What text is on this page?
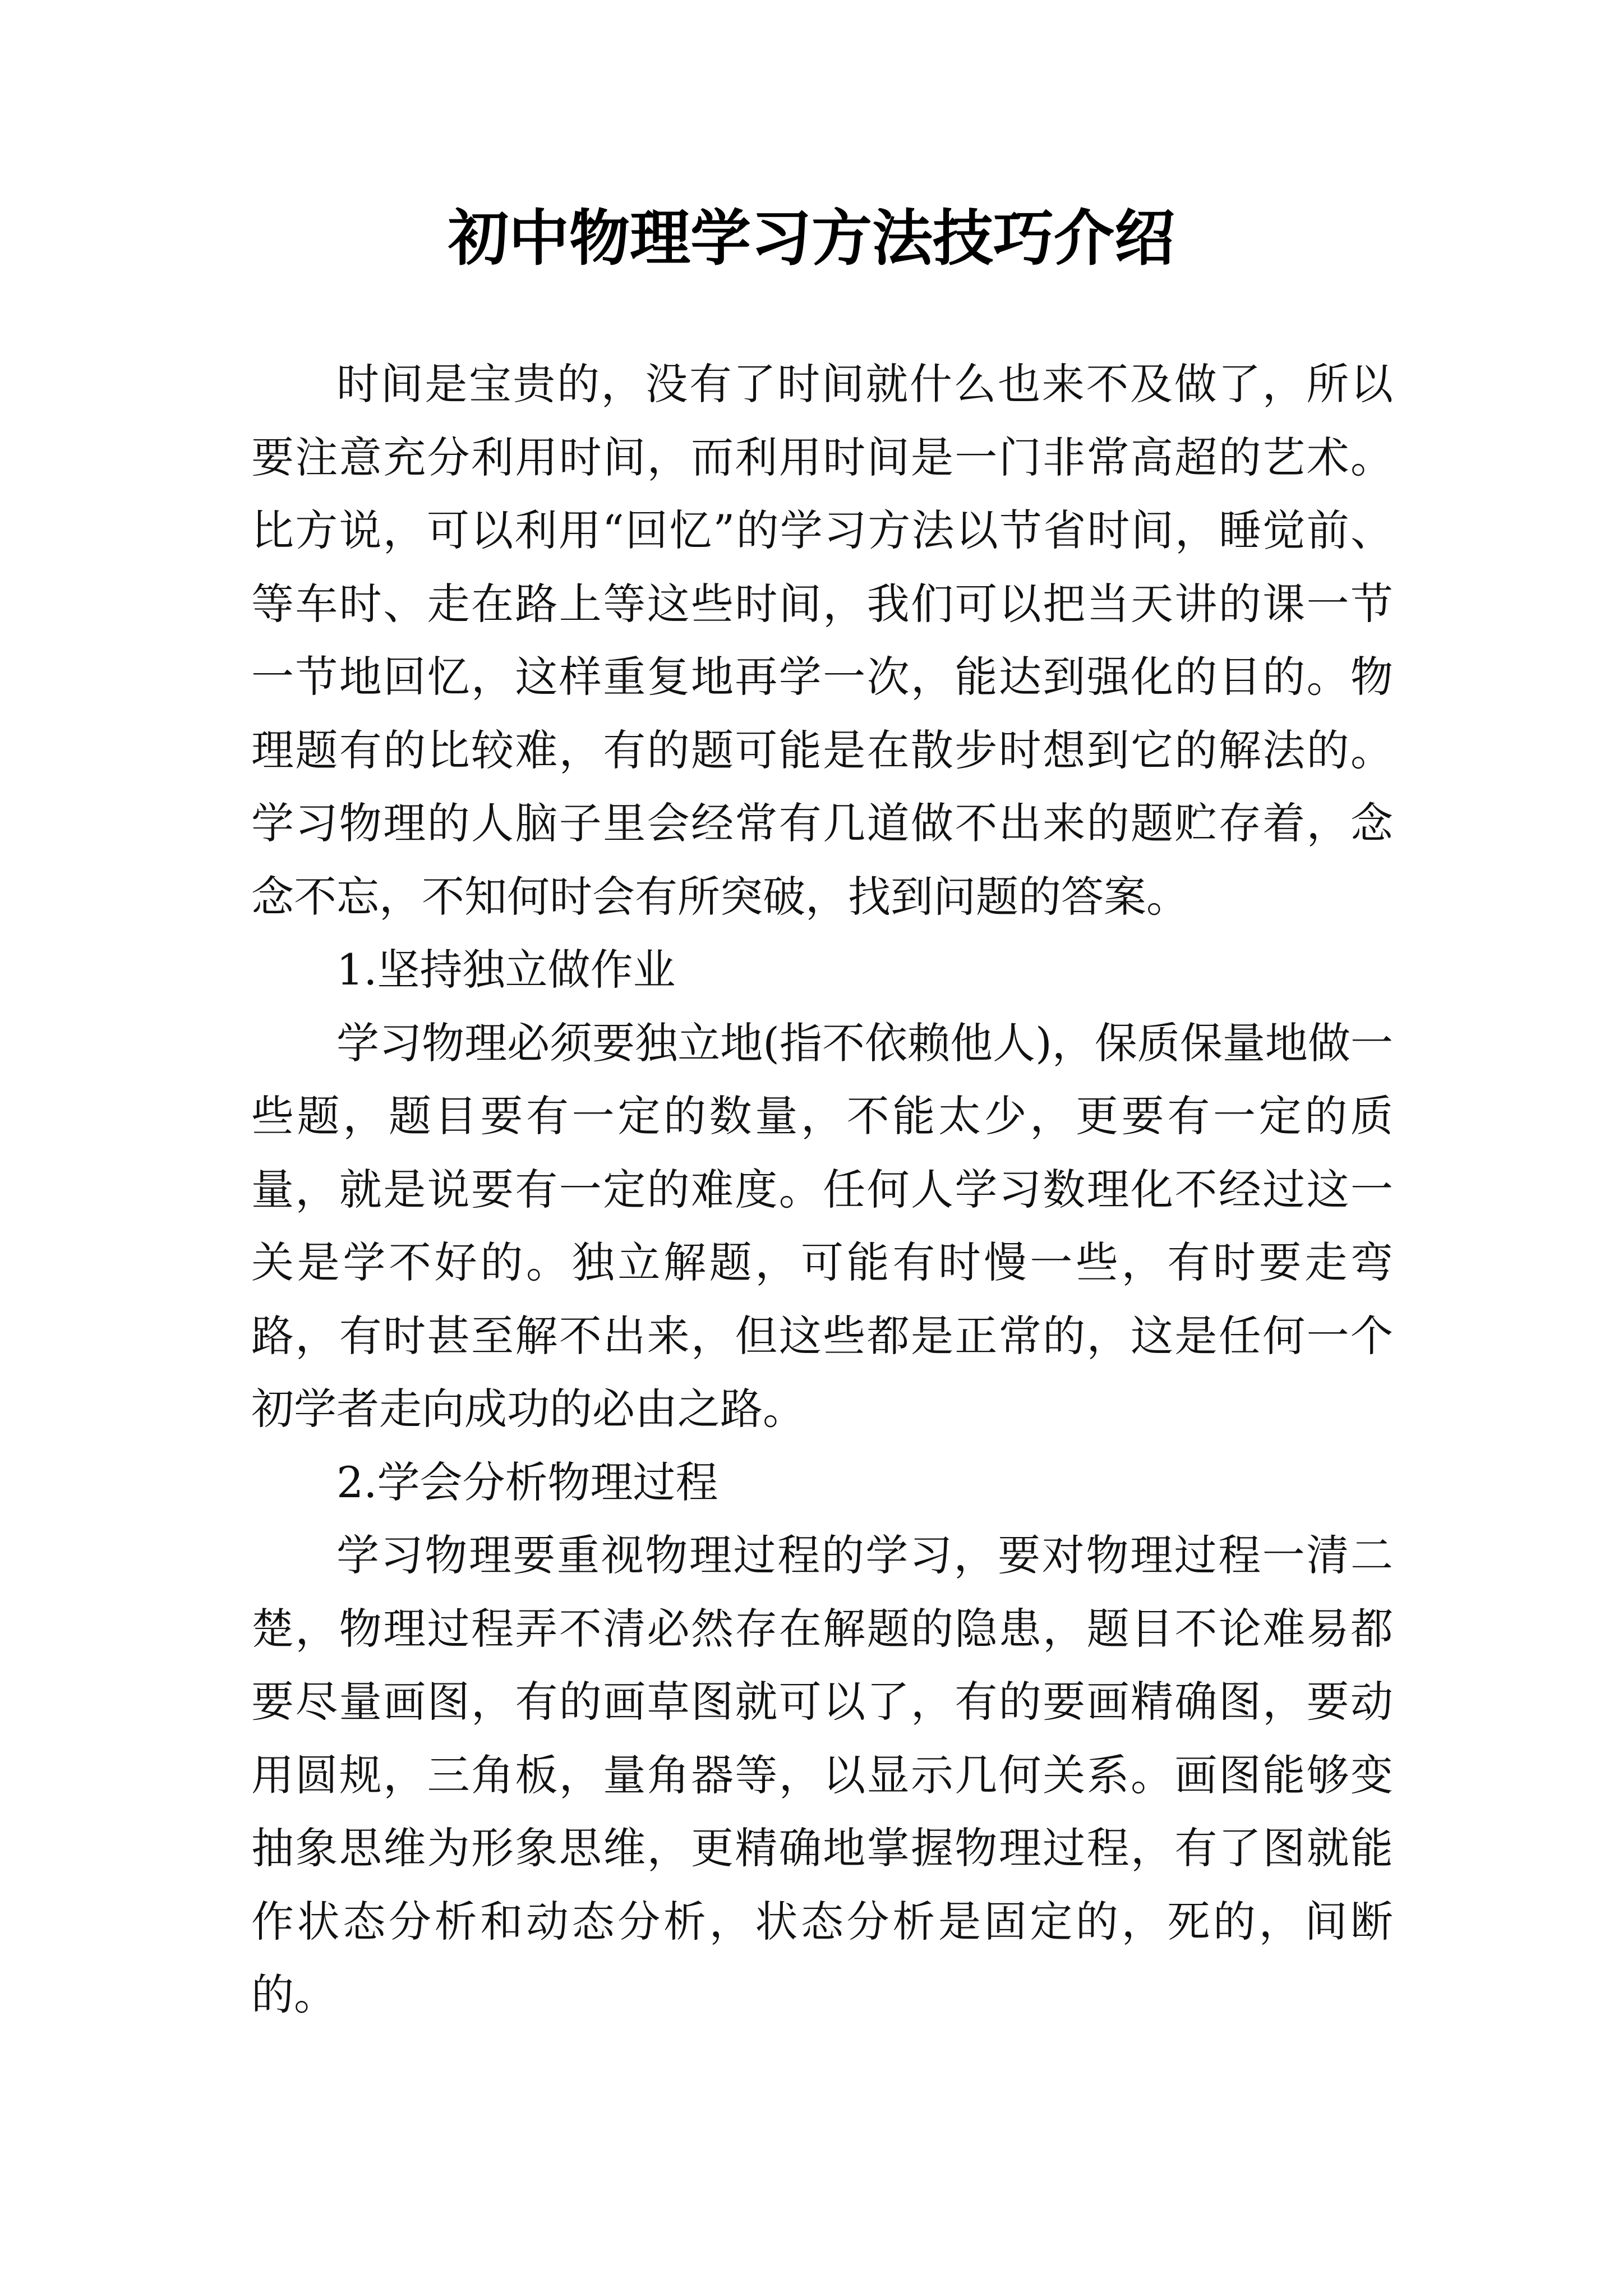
初中物理学习方法技巧介绍

时间是宝贵的，没有了时间就什么也来不及做了，所以要注意充分利用时间，而利用时间是一门非常高超的艺术。比方说，可以利用“回忆”的学习方法以节省时间，睡觉前、等车时、走在路上等这些时间，我们可以把当天讲的课一节一节地回忆，这样重复地再学一次，能达到强化的目的。物理题有的比较难，有的题可能是在散步时想到它的解法的。学习物理的人脑子里会经常有几道做不出来的题贮存着，念念不忘，不知何时会有所突破，找到问题的答案。

1.坚持独立做作业

学习物理必须要独立地(指不依赖他人)，保质保量地做一些题，题目要有一定的数量，不能太少，更要有一定的质量，就是说要有一定的难度。任何人学习数理化不经过这一关是学不好的。独立解题，可能有时慢一些，有时要走弯路，有时甚至解不出来，但这些都是正常的，这是任何一个初学者走向成功的必由之路。

2.学会分析物理过程

学习物理要重视物理过程的学习，要对物理过程一清二楚，物理过程弄不清必然存在解题的隐患，题目不论难易都要尽量画图，有的画草图就可以了，有的要画精确图，要动用圆规，三角板，量角器等，以显示几何关系。画图能够变抽象思维为形象思维，更精确地掌握物理过程，有了图就能作状态分析和动态分析，状态分析是固定的，死的，间断的。
